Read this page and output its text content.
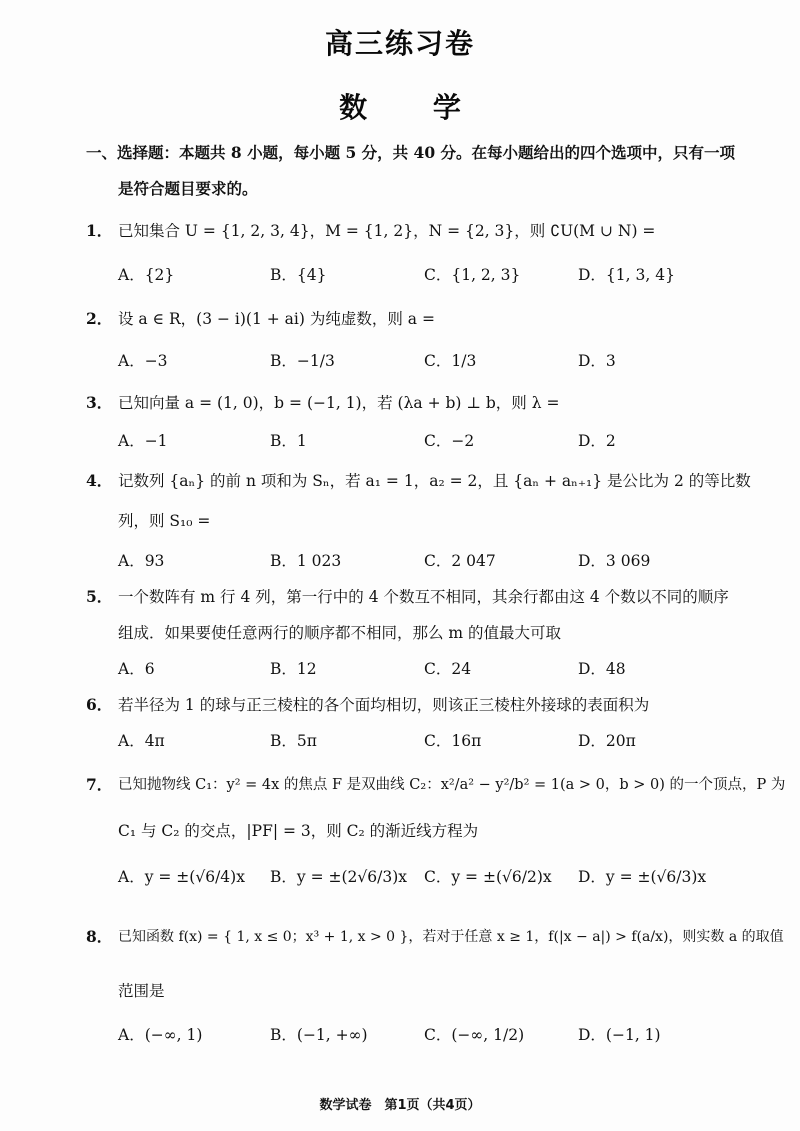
高三练习卷
数 学
一、选择题：本题共 8 小题，每小题 5 分，共 40 分。在每小题给出的四个选项中，只有一项
是符合题目要求的。
1． 已知集合 U = {1, 2, 3, 4}，M = {1, 2}，N = {2, 3}，则 ∁U(M ∪ N) =
A．{2}	B．{4}	C．{1, 2, 3}	D．{1, 3, 4}
2． 设 a ∈ R，(3 − i)(1 + ai) 为纯虚数，则 a =
A．−3	B．−1/3	C．1/3	D．3
3． 已知向量 a = (1, 0)，b = (−1, 1)，若 (λa + b) ⊥ b，则 λ =
A．−1	B．1	C．−2	D．2
4． 记数列 {aₙ} 的前 n 项和为 Sₙ，若 a₁ = 1，a₂ = 2，且 {aₙ + aₙ₊₁} 是公比为 2 的等比数
列，则 S₁₀ =
A．93	B．1 023	C．2 047	D．3 069
5． 一个数阵有 m 行 4 列，第一行中的 4 个数互不相同，其余行都由这 4 个数以不同的顺序
组成．如果要使任意两行的顺序都不相同，那么 m 的值最大可取
A．6	B．12	C．24	D．48
6． 若半径为 1 的球与正三棱柱的各个面均相切，则该正三棱柱外接球的表面积为
A．4π	B．5π	C．16π	D．20π
7． 已知抛物线 C₁：y² = 4x 的焦点 F 是双曲线 C₂：x²/a² − y²/b² = 1(a > 0，b > 0) 的一个顶点，P 为
C₁ 与 C₂ 的交点，|PF| = 3，则 C₂ 的渐近线方程为
A．y = ±(√6/4)x B．y = ±(2√6/3)x C．y = ±(√6/2)x D．y = ±(√6/3)x
8． 已知函数 f(x) = { 1, x ≤ 0；x³ + 1, x > 0 }，若对于任意 x ≥ 1，f(|x − a|) > f(a/x)，则实数 a 的取值
范围是
A．(−∞, 1)	B．(−1, +∞)	C．(−∞, 1/2)	D．(−1, 1)
数学试卷　第1页（共4页）
